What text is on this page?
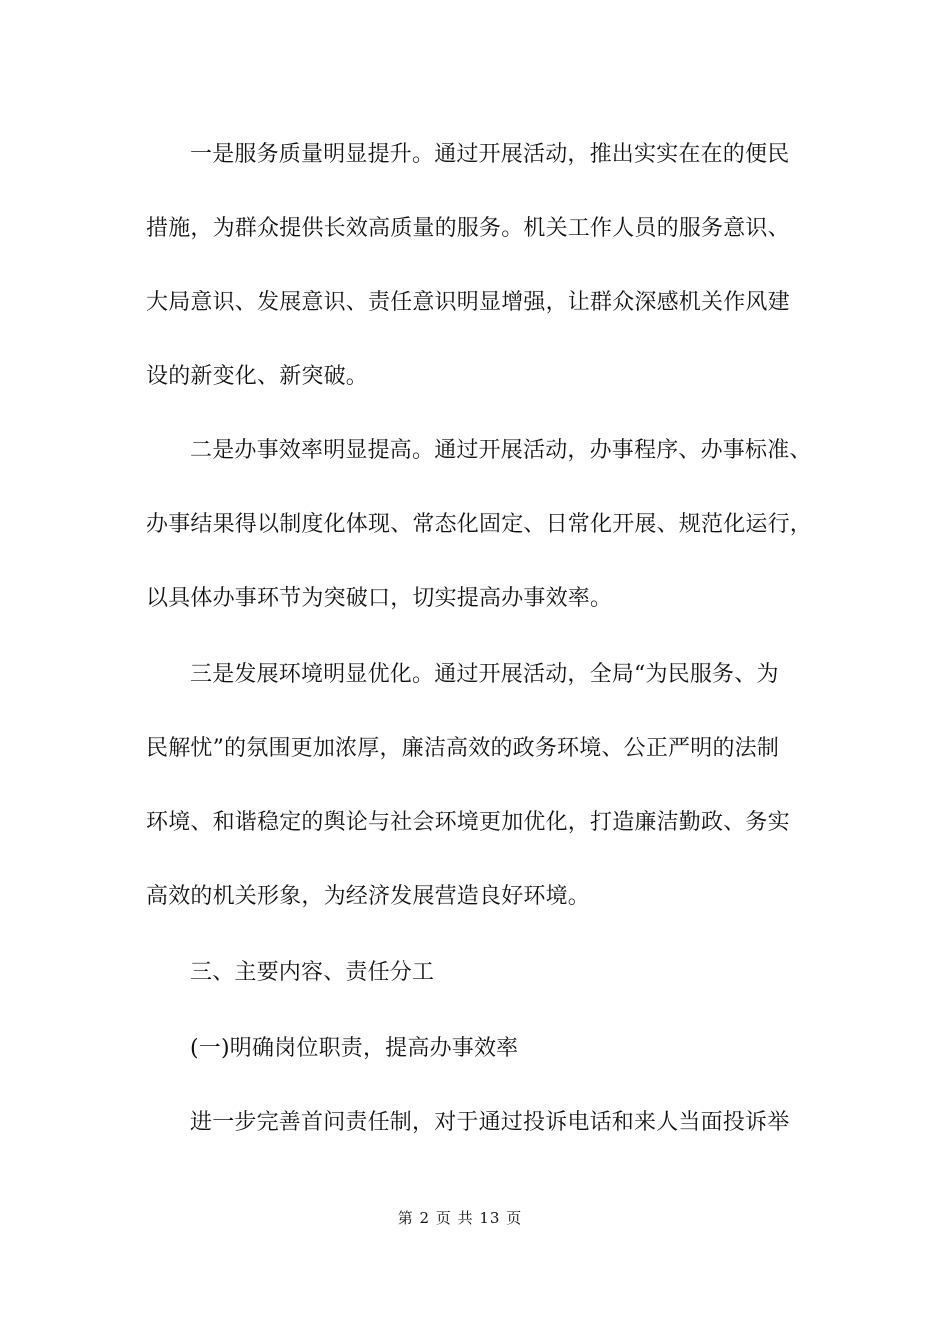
一是服务质量明显提升。通过开展活动，推出实实在在的便民
措施，为群众提供长效高质量的服务。机关工作人员的服务意识、
大局意识、发展意识、责任意识明显增强，让群众深感机关作风建
设的新变化、新突破。
二是办事效率明显提高。通过开展活动，办事程序、办事标准、
办事结果得以制度化体现、常态化固定、日常化开展、规范化运行，
以具体办事环节为突破口，切实提高办事效率。
三是发展环境明显优化。通过开展活动，全局“为民服务、为
民解忧”的氛围更加浓厚，廉洁高效的政务环境、公正严明的法制
环境、和谐稳定的舆论与社会环境更加优化，打造廉洁勤政、务实
高效的机关形象，为经济发展营造良好环境。
三、主要内容、责任分工
(一)明确岗位职责，提高办事效率
进一步完善首问责任制，对于通过投诉电话和来人当面投诉举
第 2 页 共 13 页
